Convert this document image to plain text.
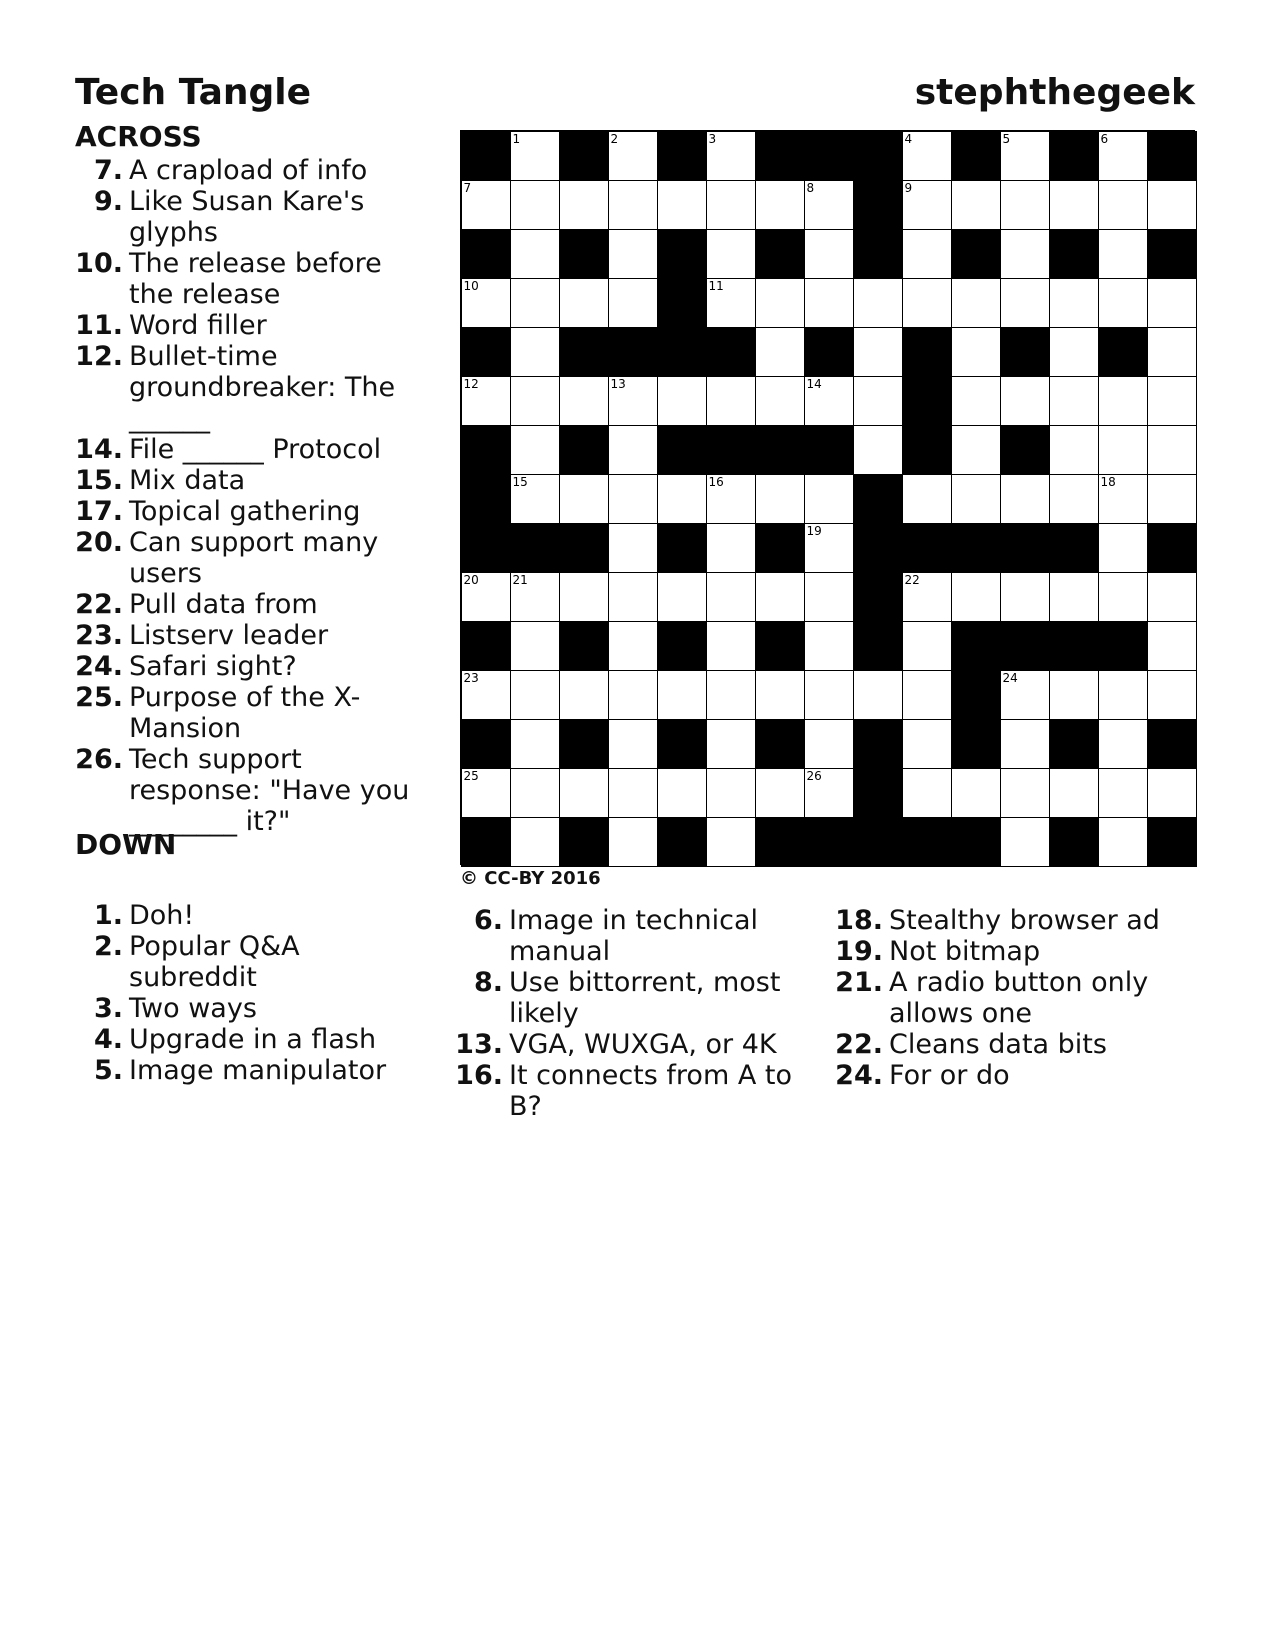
Tech Tangle	stephthegeek
ACROSS
7. A crapload of info
9. Like Susan Kare's glyphs
10. The release before the release
11. Word filler
12. Bullet-time groundbreaker: The ______
14. File ______ Protocol
15. Mix data
17. Topical gathering
20. Can support many users
22. Pull data from
23. Listserv leader
24. Safari sight?
25. Purpose of the X-Mansion
26. Tech support response: "Have you ________ it?"
DOWN
1. Doh!
2. Popular Q&A subreddit
3. Two ways
4. Upgrade in a flash
5. Image manipulator
6. Image in technical manual
8. Use bittorrent, most likely
13. VGA, WUXGA, or 4K
16. It connects from A to B?
18. Stealthy browser ad
19. Not bitmap
21. A radio button only allows one
22. Cleans data bits
24. For or do
1	2	3	4	5	6
7	8	9
10	11
12	13	14
15	16	18
19
20	21	22
23	24
25	26
© CC-BY 2016
